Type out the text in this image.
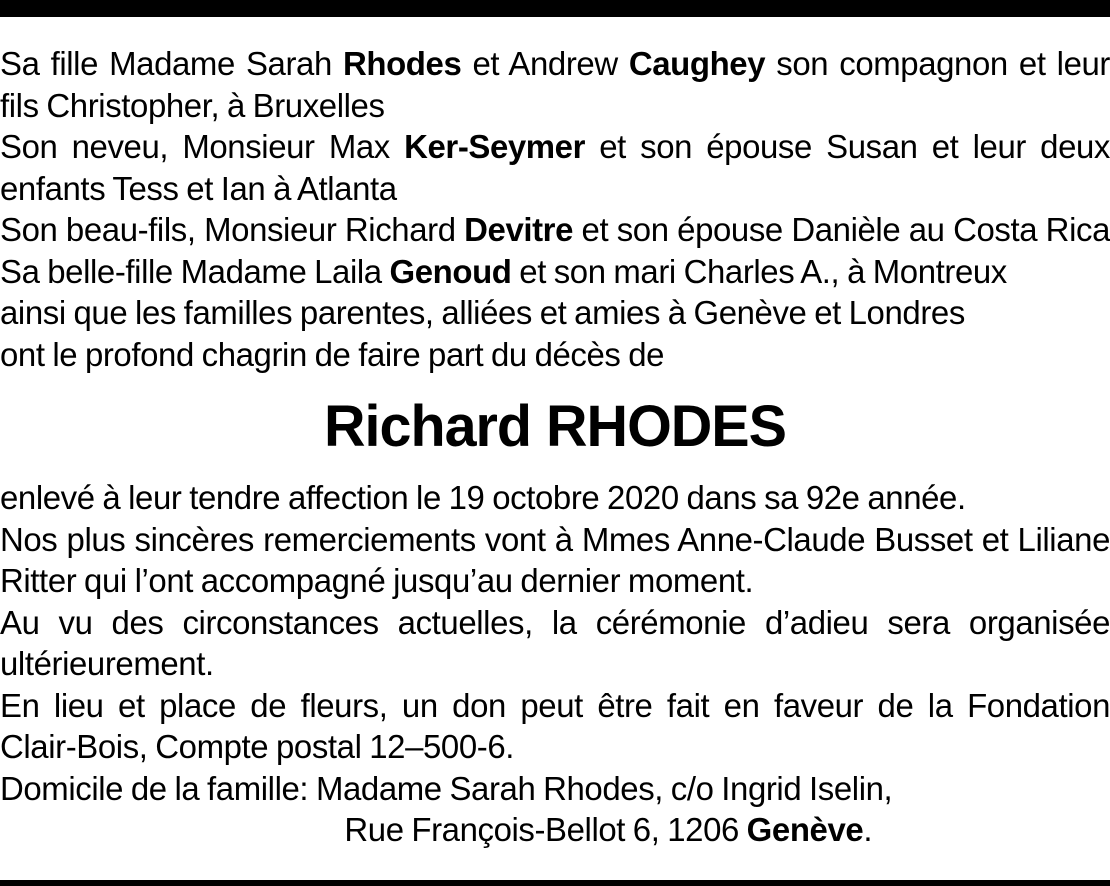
Sa fille Madame Sarah Rhodes et Andrew Caughey son compagnon et leur
fils Christopher, à Bruxelles
Son neveu, Monsieur Max Ker-Seymer et son épouse Susan et leur deux
enfants Tess et Ian à Atlanta
Son beau-fils, Monsieur Richard Devitre et son épouse Danièle au Costa Rica
Sa belle-fille Madame Laila Genoud et son mari Charles A., à Montreux
ainsi que les familles parentes, alliées et amies à Genève et Londres
ont le profond chagrin de faire part du décès de
Richard RHODES
enlevé à leur tendre affection le 19 octobre 2020 dans sa 92e année.
Nos plus sincères remerciements vont à Mmes Anne-Claude Busset et Liliane
Ritter qui l’ont accompagné jusqu’au dernier moment.
Au vu des circonstances actuelles, la cérémonie d’adieu sera organisée
ultérieurement.
En lieu et place de fleurs, un don peut être fait en faveur de la Fondation
Clair-Bois, Compte postal 12–500-6.
Domicile de la famille: Madame Sarah Rhodes, c/o Ingrid Iselin,
Rue François-Bellot 6, 1206 Genève.
